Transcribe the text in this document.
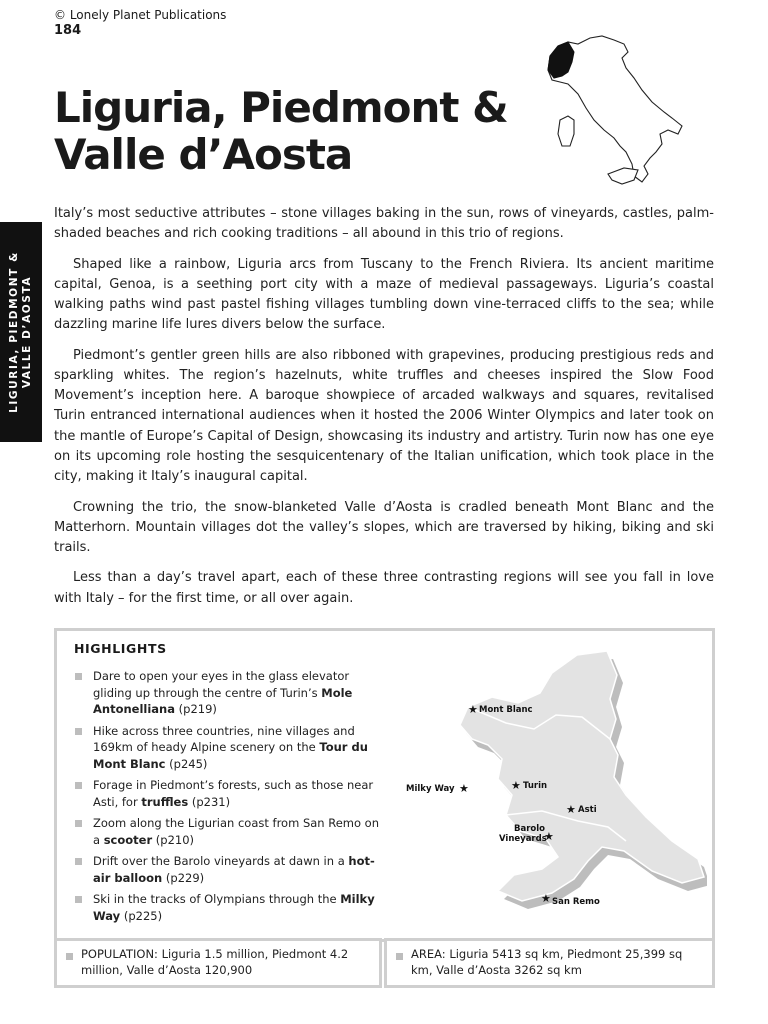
© Lonely Planet Publications
184
Liguria, Piedmont &
Valle d’Aosta
LIGURIA, PIEDMONT &
VALLE D’AOSTA

Italy’s most seductive attributes – stone villages baking in the sun, rows of vineyards, castles, palm-shaded beaches and rich cooking traditions – all abound in this trio of regions.

Shaped like a rainbow, Liguria arcs from Tuscany to the French Riviera. Its ancient maritime capital, Genoa, is a seething port city with a maze of medieval passageways. Liguria’s coastal walking paths wind past pastel fishing villages tumbling down vine-terraced cliffs to the sea; while dazzling marine life lures divers below the surface.

Piedmont’s gentler green hills are also ribboned with grapevines, producing prestigious reds and sparkling whites. The region’s hazelnuts, white truffles and cheeses inspired the Slow Food Movement’s inception here. A baroque showpiece of arcaded walkways and squares, revitalised Turin entranced international audiences when it hosted the 2006 Winter Olympics and later took on the mantle of Europe’s Capital of Design, showcasing its industry and artistry. Turin now has one eye on its upcoming role hosting the sesquicentenary of the Italian unification, which took place in the city, making it Italy’s inaugural capital.

Crowning the trio, the snow-blanketed Valle d’Aosta is cradled beneath Mont Blanc and the Matterhorn. Mountain villages dot the valley’s slopes, which are traversed by hiking, biking and ski trails.

Less than a day’s travel apart, each of these three contrasting regions will see you fall in love with Italy – for the first time, or all over again.

HIGHLIGHTS
Dare to open your eyes in the glass elevator gliding up through the centre of Turin’s Mole Antonelliana (p219)
Hike across three countries, nine villages and 169km of heady Alpine scenery on the Tour du Mont Blanc (p245)
Forage in Piedmont’s forests, such as those near Asti, for truffles (p231)
Zoom along the Ligurian coast from San Remo on a scooter (p210)
Drift over the Barolo vineyards at dawn in a hot-air balloon (p229)
Ski in the tracks of Olympians through the Milky Way (p225)
★ Mont Blanc
Milky Way ★	★ Turin
★ Asti
Barolo
Vineyards
★
★ San Remo
POPULATION: Liguria 1.5 million, Piedmont 4.2 million, Valle d’Aosta 120,900
AREA: Liguria 5413 sq km, Piedmont 25,399 sq km, Valle d’Aosta 3262 sq km
